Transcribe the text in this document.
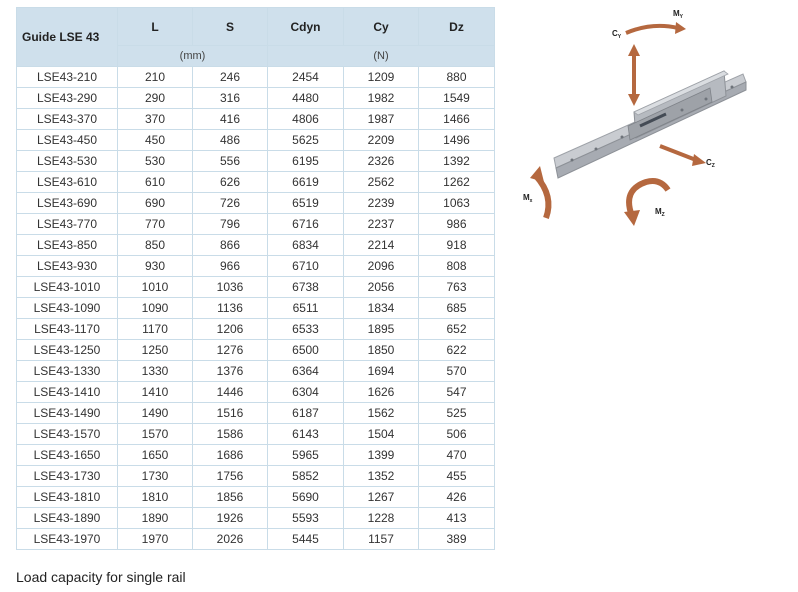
Guide LSE 43	L	S	Cdyn	Cy	Dz
	(mm)		(N)		
LSE43-210	210	246	2454	1209	880
LSE43-290	290	316	4480	1982	1549
LSE43-370	370	416	4806	1987	1466
LSE43-450	450	486	5625	2209	1496
LSE43-530	530	556	6195	2326	1392
LSE43-610	610	626	6619	2562	1262
LSE43-690	690	726	6519	2239	1063
LSE43-770	770	796	6716	2237	986
LSE43-850	850	866	6834	2214	918
LSE43-930	930	966	6710	2096	808
LSE43-1010	1010	1036	6738	2056	763
LSE43-1090	1090	1136	6511	1834	685
LSE43-1170	1170	1206	6533	1895	652
LSE43-1250	1250	1276	6500	1850	622
LSE43-1330	1330	1376	6364	1694	570
LSE43-1410	1410	1446	6304	1626	547
LSE43-1490	1490	1516	6187	1562	525
LSE43-1570	1570	1586	6143	1504	506
LSE43-1650	1650	1686	5965	1399	470
LSE43-1730	1730	1756	5852	1352	455
LSE43-1810	1810	1856	5690	1267	426
LSE43-1890	1890	1926	5593	1228	413
LSE43-1970	1970	2026	5445	1157	389
$M_Y$
$C_Y$
$C_Z$
$M_x$
$M_Z$
Load capacity for single rail
